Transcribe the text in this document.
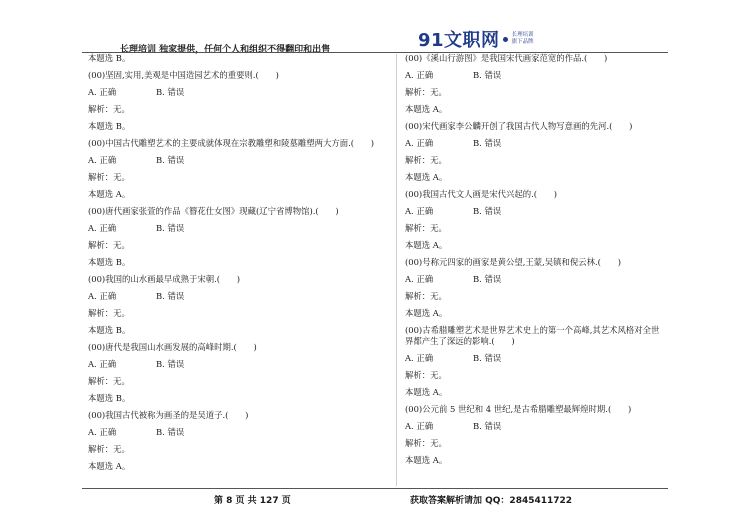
长理培训 独家提供，任何个人和组织不得翻印和出售	91文职网 长理培训
旗下品牌
本题选 B。
(00)坚固,实用,美观是中国造园艺术的重要则.(　　)
A. 正确	B. 错误
解析：无。
本题选 B。
(00)中国古代雕塑艺术的主要成就体现在宗教雕塑和陵墓雕塑两大方面.(　　)
A. 正确	B. 错误
解析：无。
本题选 A。
(00)唐代画家张萱的作品《簪花仕女图》现藏(辽宁省博物馆).(　　)
A. 正确	B. 错误
解析：无。
本题选 B。
(00)我国的山水画最早成熟于宋朝.(　　)
A. 正确	B. 错误
解析：无。
本题选 B。
(00)唐代是我国山水画发展的高峰时期.(　　)
A. 正确	B. 错误
解析：无。
本题选 B。
(00)我国古代被称为画圣的是吴道子.(　　)
A. 正确	B. 错误
解析：无。
本题选 A。
(00)《溪山行游图》是我国宋代画家范宽的作品.(　　)
A. 正确	B. 错误
解析：无。
本题选 A。
(00)宋代画家李公麟开创了我国古代人物写意画的先河.(　　)
A. 正确	B. 错误
解析：无。
本题选 A。
(00)我国古代文人画是宋代兴起的.(　　)
A. 正确	B. 错误
解析：无。
本题选 A。
(00)号称元四家的画家是黄公望,王蒙,吴镇和倪云林.(　　)
A. 正确	B. 错误
解析：无。
本题选 A。
(00)古希腊雕塑艺术是世界艺术史上的第一个高峰,其艺术风格对全世界都产生了深远的影响.(　　)
A. 正确	B. 错误
解析：无。
本题选 A。
(00)公元前 5 世纪和 4 世纪,是古希腊雕塑最辉煌时期.(　　)
A. 正确	B. 错误
解析：无。
本题选 A。
第 8 页 共 127 页	获取答案解析请加 QQ：2845411722
